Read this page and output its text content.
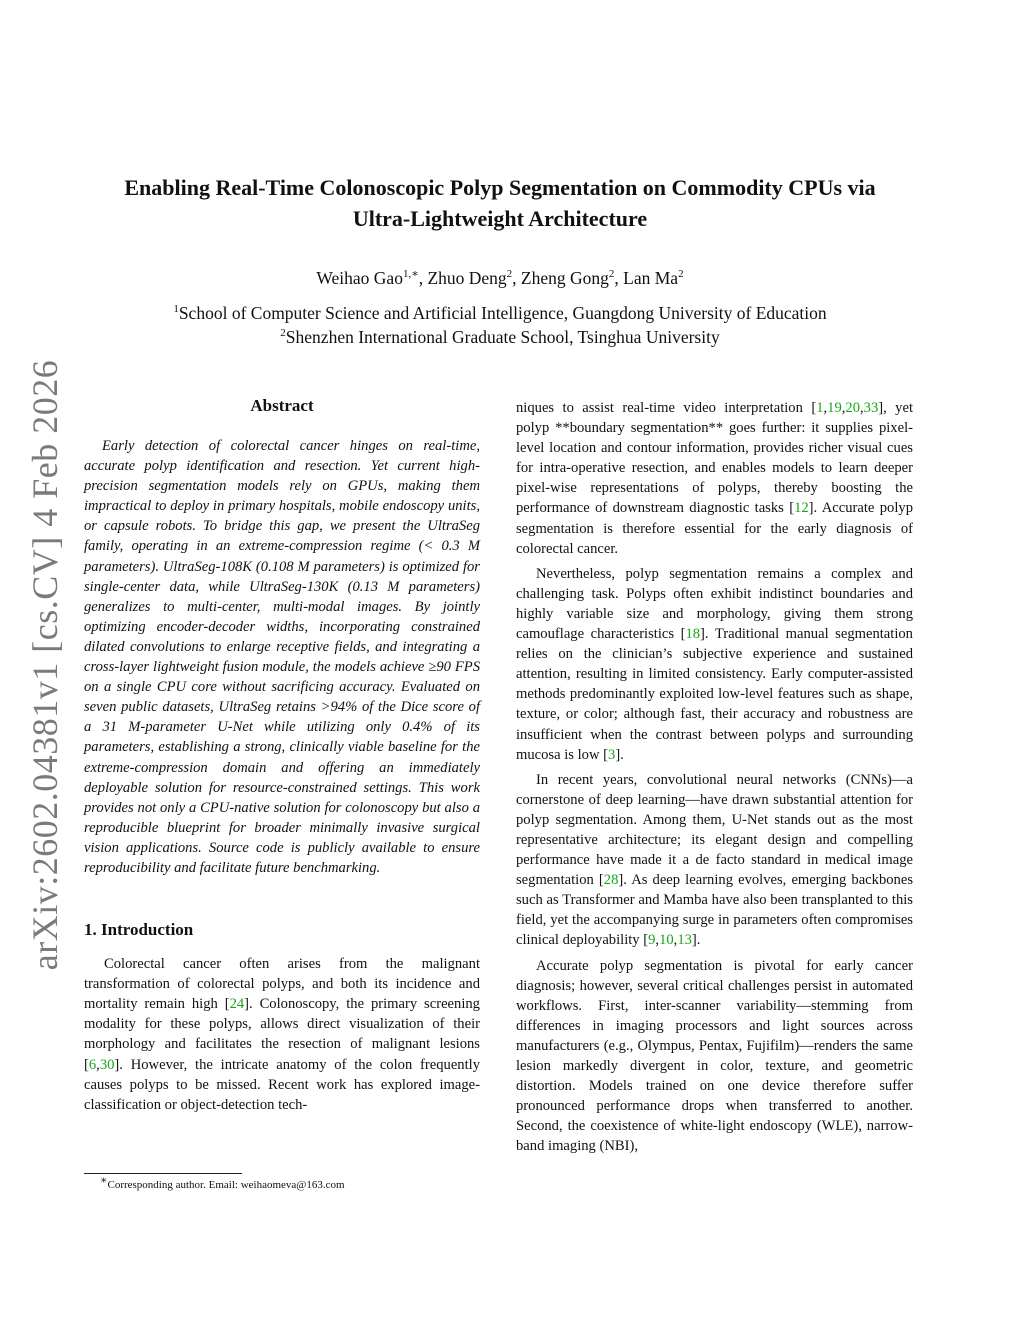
arXiv:2602.04381v1 [cs.CV] 4 Feb 2026
Enabling Real-Time Colonoscopic Polyp Segmentation on Commodity CPUs via
Ultra-Lightweight Architecture
Weihao Gao$^{1,∗}$, Zhuo Deng$^2$, Zheng Gong$^2$, Lan Ma$^2$
$^1$School of Computer Science and Artificial Intelligence, Guangdong University of Education
$^2$Shenzhen International Graduate School, Tsinghua University
Abstract

Early detection of colorectal cancer hinges on real-time, accurate polyp identification and resection. Yet current high-precision segmentation models rely on GPUs, making them impractical to deploy in primary hospitals, mobile endoscopy units, or capsule robots. To bridge this gap, we present the UltraSeg family, operating in an extreme-compression regime (< 0.3 M parameters). UltraSeg-108K (0.108 M parameters) is optimized for single-center data, while UltraSeg-130K (0.13 M parameters) generalizes to multi-center, multi-modal images. By jointly optimizing encoder-decoder widths, incorporating constrained dilated convolutions to enlarge receptive fields, and integrating a cross-layer lightweight fusion module, the models achieve ≥90 FPS on a single CPU core without sacrificing accuracy. Evaluated on seven public datasets, UltraSeg retains >94% of the Dice score of a 31 M-parameter U-Net while utilizing only 0.4% of its parameters, establishing a strong, clinically viable baseline for the extreme-compression domain and offering an immediately deployable solution for resource-constrained settings. This work provides not only a CPU-native solution for colonoscopy but also a reproducible blueprint for broader minimally invasive surgical vision applications. Source code is publicly available to ensure reproducibility and facilitate future benchmarking.

1. Introduction

Colorectal cancer often arises from the malignant transformation of colorectal polyps, and both its incidence and mortality remain high [24]. Colonoscopy, the primary screening modality for these polyps, allows direct visualization of their morphology and facilitates the resection of malignant lesions [6,30]. However, the intricate anatomy of the colon frequently causes polyps to be missed. Recent work has explored image-classification or object-detection tech-

niques to assist real-time video interpretation [1,19,20,33], yet polyp **boundary segmentation** goes further: it supplies pixel-level location and contour information, provides richer visual cues for intra-operative resection, and enables models to learn deeper pixel-wise representations of polyps, thereby boosting the performance of downstream diagnostic tasks [12]. Accurate polyp segmentation is therefore essential for the early diagnosis of colorectal cancer.

Nevertheless, polyp segmentation remains a complex and challenging task. Polyps often exhibit indistinct boundaries and highly variable size and morphology, giving them strong camouflage characteristics [18]. Traditional manual segmentation relies on the clinician’s subjective experience and sustained attention, resulting in limited consistency. Early computer-assisted methods predominantly exploited low-level features such as shape, texture, or color; although fast, their accuracy and robustness are insufficient when the contrast between polyps and surrounding mucosa is low [3].

In recent years, convolutional neural networks (CNNs)—a cornerstone of deep learning—have drawn substantial attention for polyp segmentation. Among them, U-Net stands out as the most representative architecture; its elegant design and compelling performance have made it a de facto standard in medical image segmentation [28]. As deep learning evolves, emerging backbones such as Transformer and Mamba have also been transplanted to this field, yet the accompanying surge in parameters often compromises clinical deployability [9,10,13].

Accurate polyp segmentation is pivotal for early cancer diagnosis; however, several critical challenges persist in automated workflows. First, inter-scanner variability—stemming from differences in imaging processors and light sources across manufacturers (e.g., Olympus, Pentax, Fujifilm)—renders the same lesion markedly divergent in color, texture, and geometric distortion. Models trained on one device therefore suffer pronounced performance drops when transferred to another. Second, the coexistence of white-light endoscopy (WLE), narrow-band imaging (NBI),

∗Corresponding author. Email: weihaomeva@163.com
